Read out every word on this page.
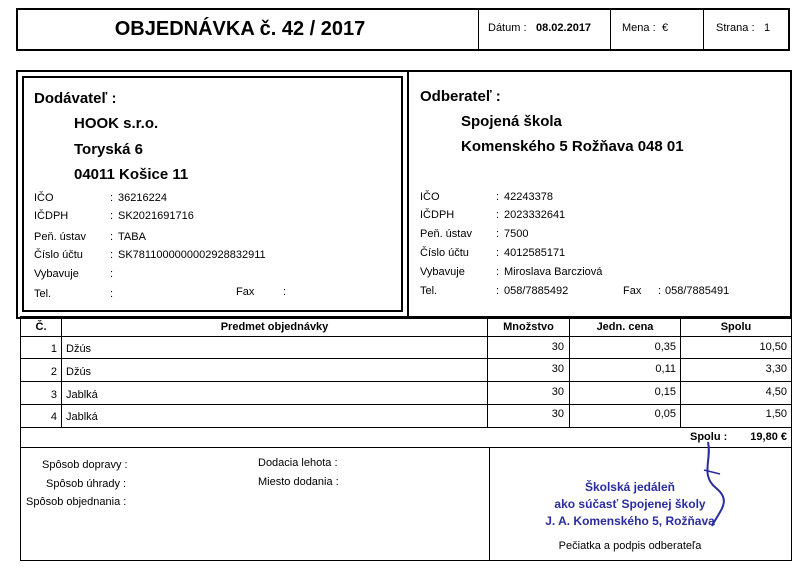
OBJEDNÁVKA č. 42 / 2017	Dátum : 08.02.2017	Mena : €	Strana : 1
Dodávateľ :
HOOK s.r.o.
Toryská 6
04011 Košice 11
IČO	: 36216224
IČDPH	: SK2021691716
Peň. ústav : TABA
Číslo účtu : SK7811000000002928832911
Vybavuje	:
Tel.	:	Fax	:
Odberateľ :
Spojená škola
Komenského 5 Rožňava 048 01
IČO	: 42243378
IČDPH	: 2023332641
Peň. ústav : 7500
Číslo účtu : 4012585171
Vybavuje	: Miroslava Barcziová
Tel.	: 058/7885492	Fax : 058/7885491
Č.	Predmet objednávky	Množstvo	Jedn. cena	Spolu
1 Džús	30	0,35	10,50
2 Džús	30	0,11	3,30
3 Jablká	30	0,15	4,50
4 Jablká	30	0,05	1,50
Spolu :	19,80 €
Spôsob dopravy :
Spôsob úhrady :
Spôsob objednania :
Dodacia lehota :
Miesto dodania :	Školská jedáleň
ako súčasť Spojenej školy
J. A. Komenského 5, Rožňava
Pečiatka a podpis odberateľa
